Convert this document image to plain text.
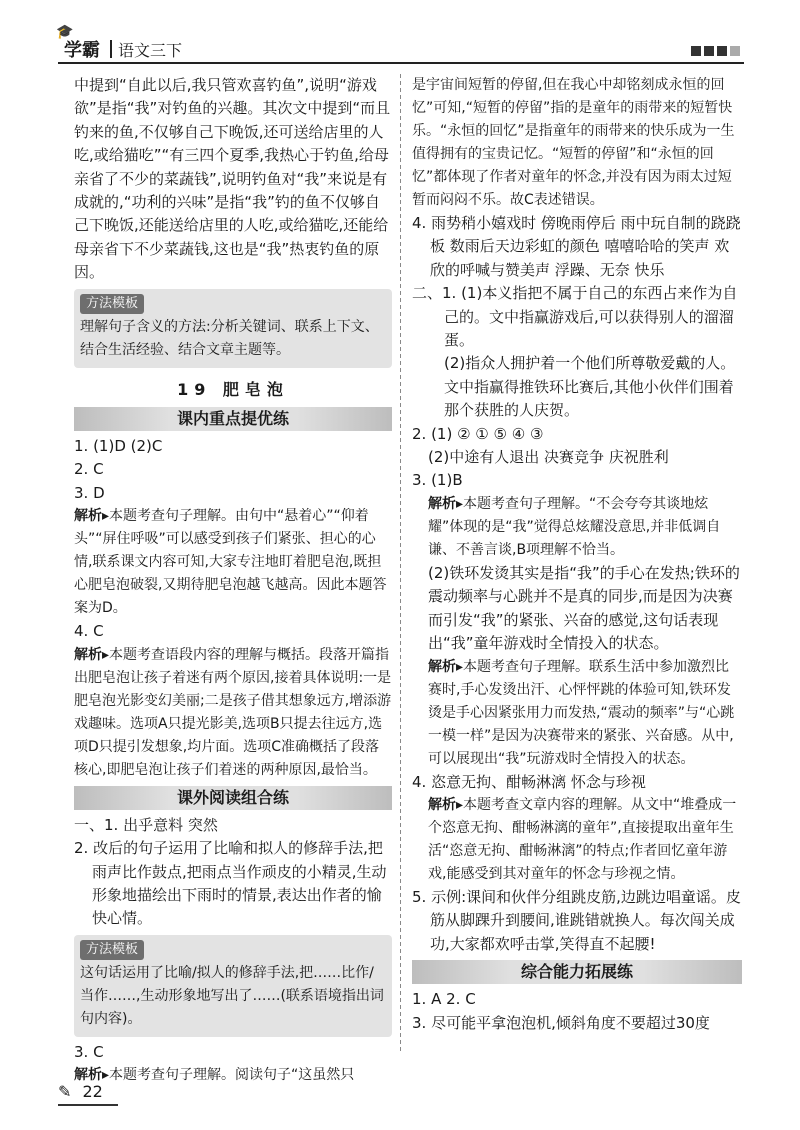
🎓
学霸 语文三下

中提到“自此以后,我只管欢喜钓鱼”,说明“游戏欲”是指“我”对钓鱼的兴趣。其次文中提到“而且钓来的鱼,不仅够自己下晚饭,还可送给店里的人吃,或给猫吃”“有三四个夏季,我热心于钓鱼,给母亲省了不少的菜蔬钱”,说明钓鱼对“我”来说是有成就的,“功利的兴味”是指“我”钓的鱼不仅够自己下晚饭,还能送给店里的人吃,或给猫吃,还能给母亲省下不少菜蔬钱,这也是“我”热衷钓鱼的原因。

方法模板

理解句子含义的方法:分析关键词、联系上下文、结合生活经验、结合文章主题等。

19 肥皂泡
课内重点提优练

1. (1)D (2)C

2. C

3. D

解析▸本题考查句子理解。由句中“悬着心”“仰着头”“屏住呼吸”可以感受到孩子们紧张、担心的心情,联系课文内容可知,大家专注地盯着肥皂泡,既担心肥皂泡破裂,又期待肥皂泡越飞越高。因此本题答案为D。

4. C

解析▸本题考查语段内容的理解与概括。段落开篇指出肥皂泡让孩子着迷有两个原因,接着具体说明:一是肥皂泡光影变幻美丽;二是孩子借其想象远方,增添游戏趣味。选项A只提光影美,选项B只提去往远方,选项D只提引发想象,均片面。选项C准确概括了段落核心,即肥皂泡让孩子们着迷的两种原因,最恰当。

课外阅读组合练

一、1. 出乎意料 突然

2. 改后的句子运用了比喻和拟人的修辞手法,把雨声比作鼓点,把雨点当作顽皮的小精灵,生动形象地描绘出下雨时的情景,表达出作者的愉快心情。

方法模板

这句话运用了比喻/拟人的修辞手法,把……比作/当作……,生动形象地写出了……(联系语境指出词句内容)。

3. C

解析▸本题考查句子理解。阅读句子“这虽然只

是宇宙间短暂的停留,但在我心中却铭刻成永恒的回忆”可知,“短暂的停留”指的是童年的雨带来的短暂快乐。“永恒的回忆”是指童年的雨带来的快乐成为一生值得拥有的宝贵记忆。“短暂的停留”和“永恒的回忆”都体现了作者对童年的怀念,并没有因为雨太过短暂而闷闷不乐。故C表述错误。

4. 雨势稍小嬉戏时 傍晚雨停后 雨中玩自制的跷跷板 数雨后天边彩虹的颜色 嘻嘻哈哈的笑声 欢欣的呼喊与赞美声 浮躁、无奈 快乐

二、1. (1)本义指把不属于自己的东西占来作为自己的。文中指赢游戏后,可以获得别人的溜溜蛋。

(2)指众人拥护着一个他们所尊敬爱戴的人。文中指赢得推铁环比赛后,其他小伙伴们围着那个获胜的人庆贺。

2. (1) ② ① ⑤ ④ ③

(2)中途有人退出 决赛竞争 庆祝胜利

3. (1)B

解析▸本题考查句子理解。“不会夸夸其谈地炫耀”体现的是“我”觉得总炫耀没意思,并非低调自谦、不善言谈,B项理解不恰当。

(2)铁环发烫其实是指“我”的手心在发热;铁环的震动频率与心跳并不是真的同步,而是因为决赛而引发“我”的紧张、兴奋的感觉,这句话表现出“我”童年游戏时全情投入的状态。

解析▸本题考查句子理解。联系生活中参加激烈比赛时,手心发烫出汗、心怦怦跳的体验可知,铁环发烫是手心因紧张用力而发热,“震动的频率”与“心跳一模一样”是因为决赛带来的紧张、兴奋感。从中,可以展现出“我”玩游戏时全情投入的状态。

4. 恣意无拘、酣畅淋漓 怀念与珍视

解析▸本题考查文章内容的理解。从文中“堆叠成一个恣意无拘、酣畅淋漓的童年”,直接提取出童年生活“恣意无拘、酣畅淋漓”的特点;作者回忆童年游戏,能感受到其对童年的怀念与珍视之情。

5. 示例:课间和伙伴分组跳皮筋,边跳边唱童谣。皮筋从脚踝升到腰间,谁跳错就换人。每次闯关成功,大家都欢呼击掌,笑得直不起腰!

综合能力拓展练

1. A 2. C

3. 尽可能平拿泡泡机,倾斜角度不要超过30度

✎ 22
